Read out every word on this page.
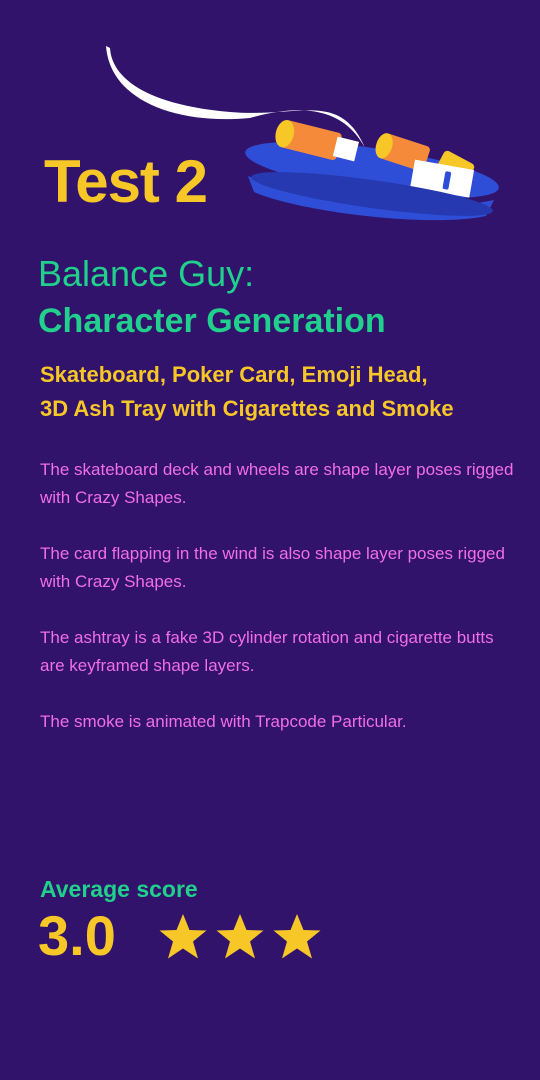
Test 2
Balance Guy:
Character Generation
Skateboard, Poker Card, Emoji Head,
3D Ash Tray with Cigarettes and Smoke

The skateboard deck and wheels are shape layer poses rigged with Crazy Shapes.

The card flapping in the wind is also shape layer poses rigged with Crazy Shapes.

The ashtray is a fake 3D cylinder rotation and cigarette butts are keyframed shape layers.

The smoke is animated with Trapcode Particular.

Average score
3.0
